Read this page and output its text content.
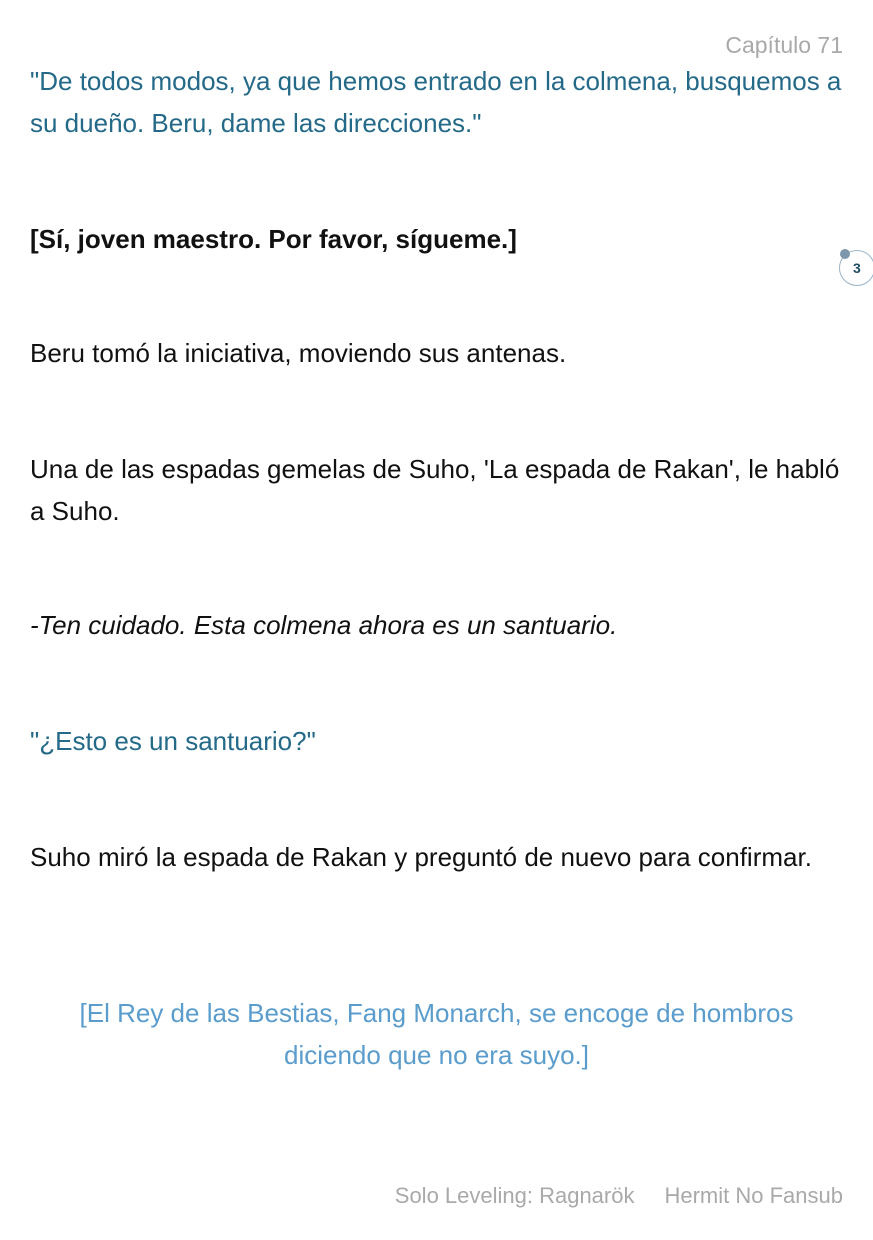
Capítulo 71

"De todos modos, ya que hemos entrado en la colmena, busquemos a su dueño. Beru, dame las direcciones."

[Sí, joven maestro. Por favor, sígueme.]

Beru tomó la iniciativa, moviendo sus antenas.

Una de las espadas gemelas de Suho, 'La espada de Rakan', le habló a Suho.

-Ten cuidado. Esta colmena ahora es un santuario.

"¿Esto es un santuario?"

Suho miró la espada de Rakan y preguntó de nuevo para confirmar.

[El Rey de las Bestias, Fang Monarch, se encoge de hombros diciendo que no era suyo.]

3
Solo Leveling: Ragnarök Hermit No Fansub
